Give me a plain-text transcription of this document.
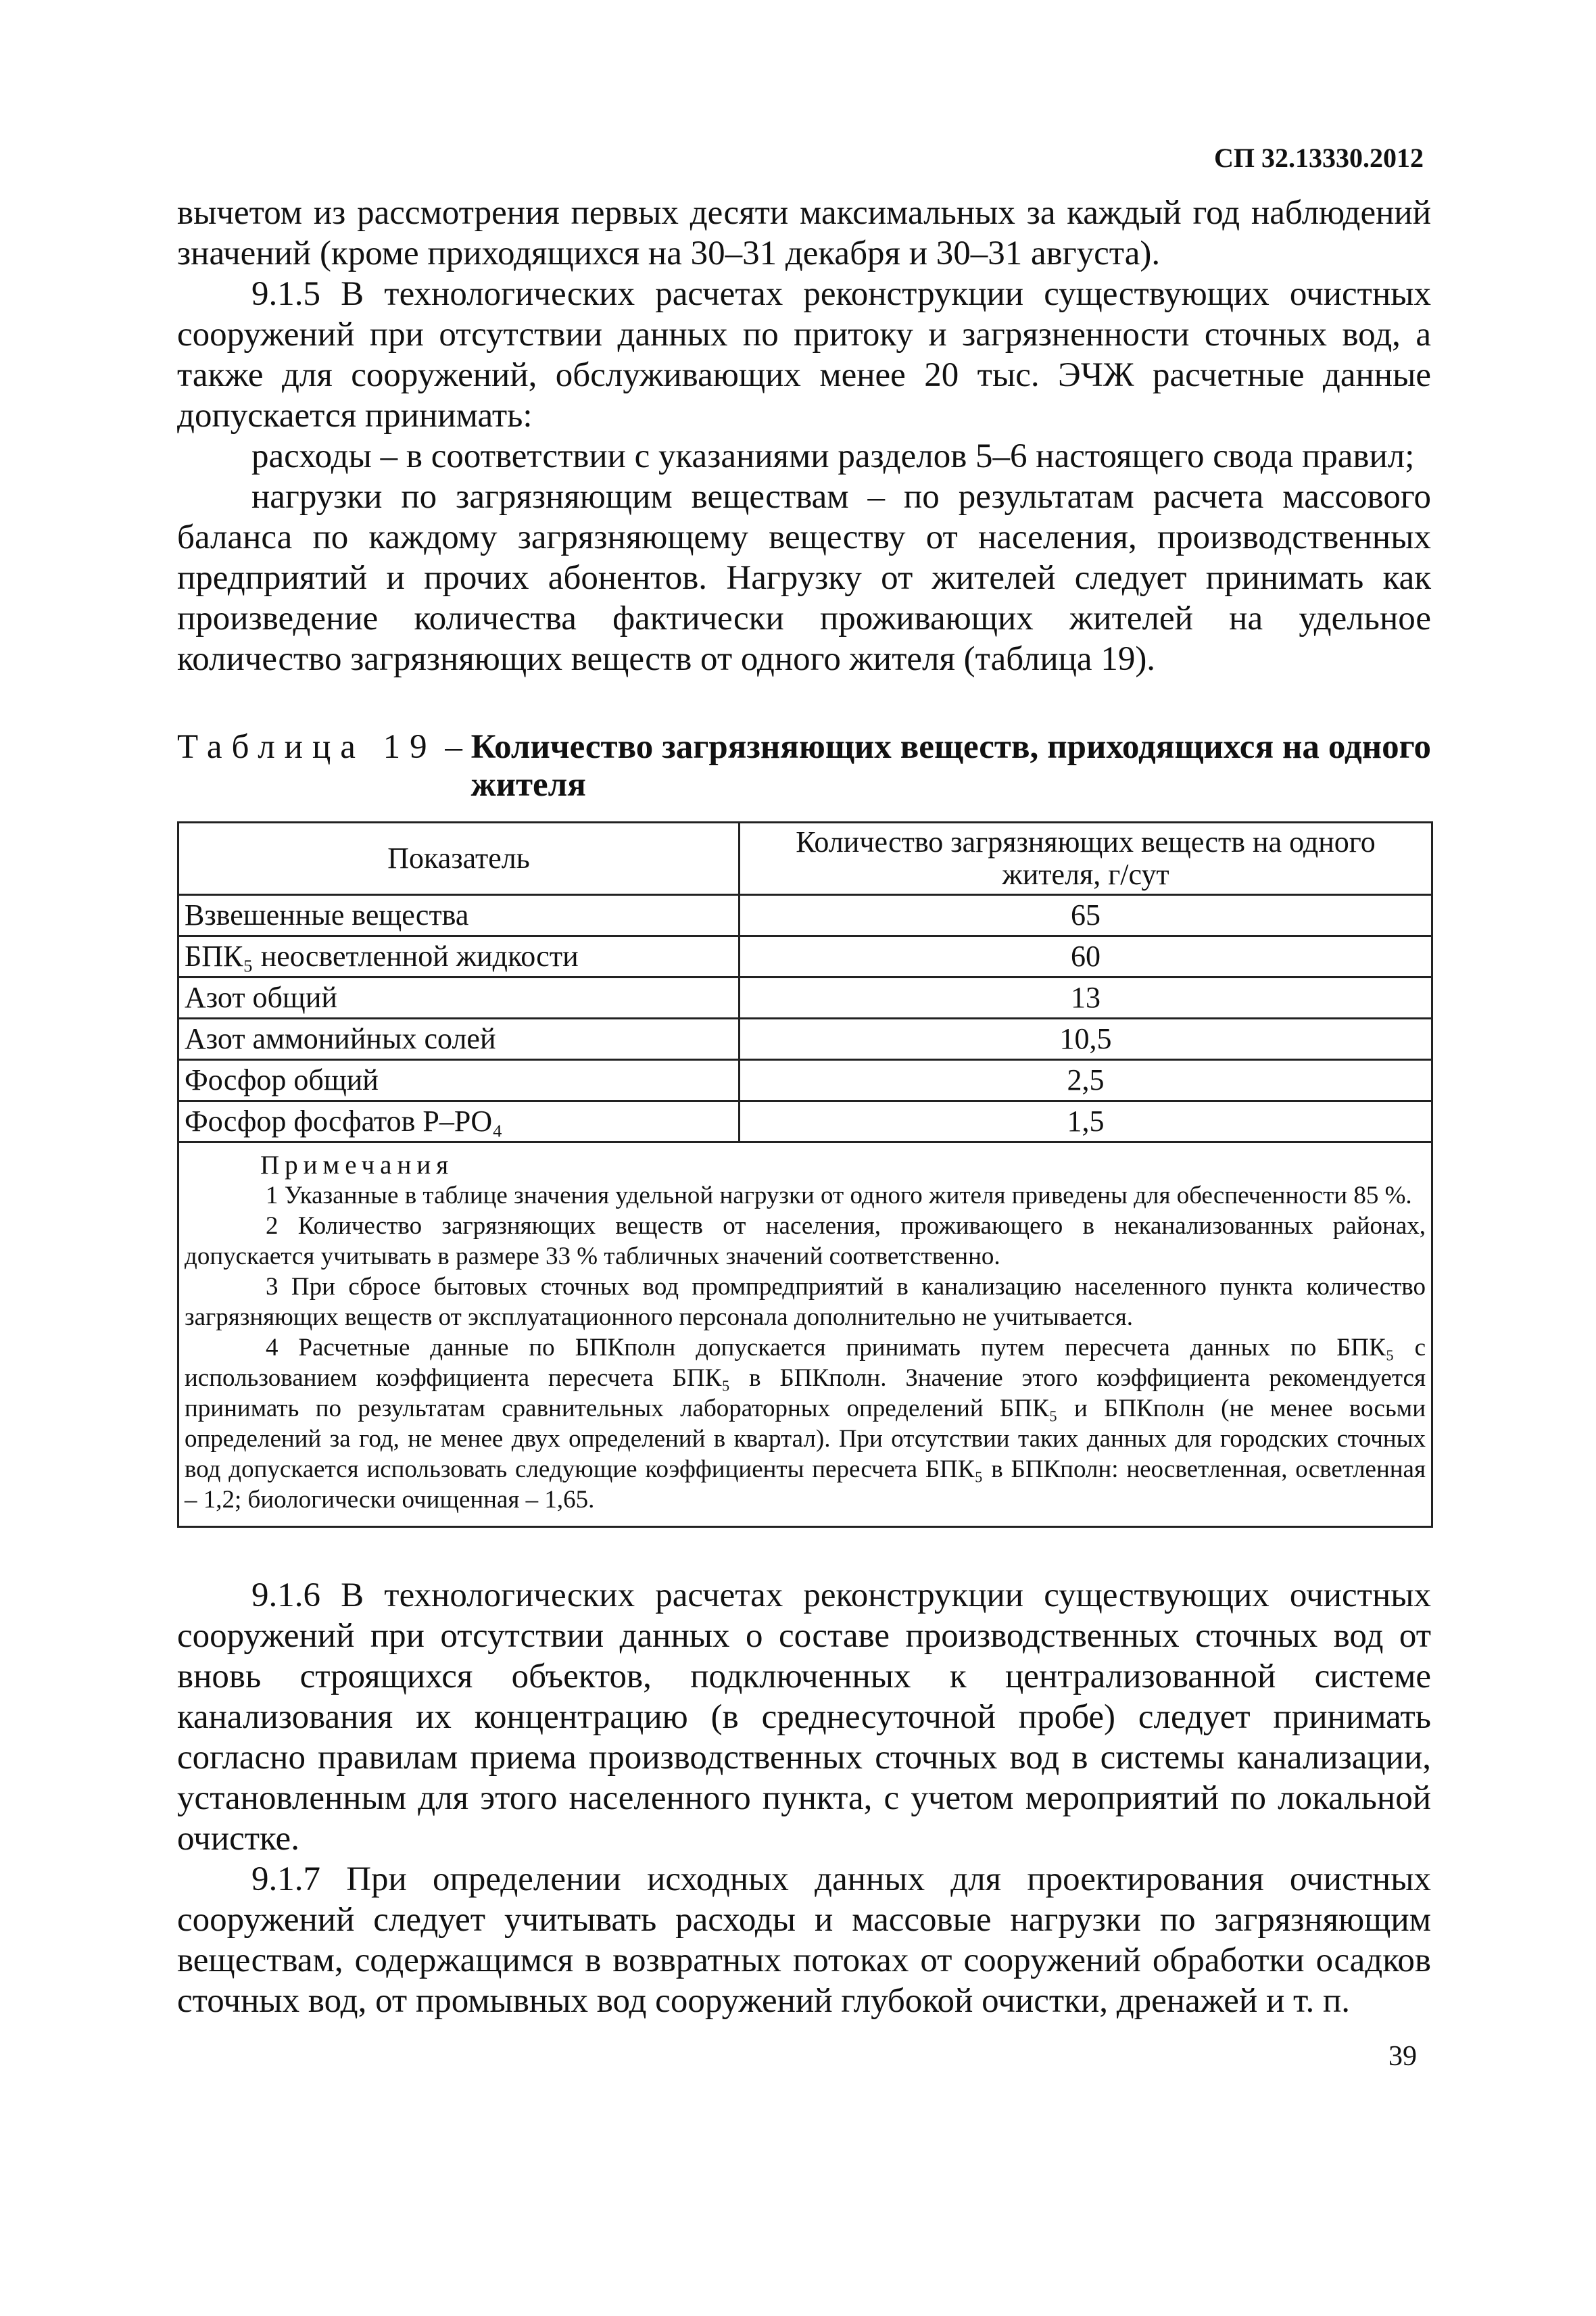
СП 32.13330.2012

вычетом из рассмотрения первых десяти максимальных за каждый год наблюдений значений (кроме приходящихся на 30–31 декабря и 30–31 августа).

9.1.5 В технологических расчетах реконструкции существующих очистных сооружений при отсутствии данных по притоку и загрязненности сточных вод, а также для сооружений, обслуживающих менее 20 тыс. ЭЧЖ расчетные данные допускается принимать:

расходы – в соответствии с указаниями разделов 5–6 настоящего свода правил;

нагрузки по загрязняющим веществам – по результатам расчета массового баланса по каждому загрязняющему веществу от населения, производственных предприятий и прочих абонентов. Нагрузку от жителей следует принимать как произведение количества фактически проживающих жителей на удельное количество загрязняющих веществ от одного жителя (таблица 19).

Таблица 19 – Количество загрязняющих веществ, приходящихся на одного жителя
Показатель	Количество загрязняющих веществ на одного жителя, г/сут
Взвешенные вещества	65
БПК₅ неосветленной жидкости	60
Азот общий	13
Азот аммонийных солей	10,5
Фосфор общий	2,5
Фосфор фосфатов P–PO₄	1,5

Примечания

1 Указанные в таблице значения удельной нагрузки от одного жителя приведены для обеспеченности 85 %.

2 Количество загрязняющих веществ от населения, проживающего в неканализованных районах, допускается учитывать в размере 33 % табличных значений соответственно.

3 При сбросе бытовых сточных вод промпредприятий в канализацию населенного пункта количество загрязняющих веществ от эксплуатационного персонала дополнительно не учитывается.

4 Расчетные данные по БПКполн допускается принимать путем пересчета данных по БПК₅ с использованием коэффициента пересчета БПК₅ в БПКполн. Значение этого коэффициента рекомендуется принимать по результатам сравнительных лабораторных определений БПК₅ и БПКполн (не менее восьми определений за год, не менее двух определений в квартал). При отсутствии таких данных для городских сточных вод допускается использовать следующие коэффициенты пересчета БПК₅ в БПКполн: неосветленная, осветленная – 1,2; биологически очищенная – 1,65.	

9.1.6 В технологических расчетах реконструкции существующих очистных сооружений при отсутствии данных о составе производственных сточных вод от вновь строящихся объектов, подключенных к централизованной системе канализования их концентрацию (в среднесуточной пробе) следует принимать согласно правилам приема производственных сточных вод в системы канализации, установленным для этого населенного пункта, с учетом мероприятий по локальной очистке.

9.1.7 При определении исходных данных для проектирования очистных сооружений следует учитывать расходы и массовые нагрузки по загрязняющим веществам, содержащимся в возвратных потоках от сооружений обработки осадков сточных вод, от промывных вод сооружений глубокой очистки, дренажей и т. п.

39
